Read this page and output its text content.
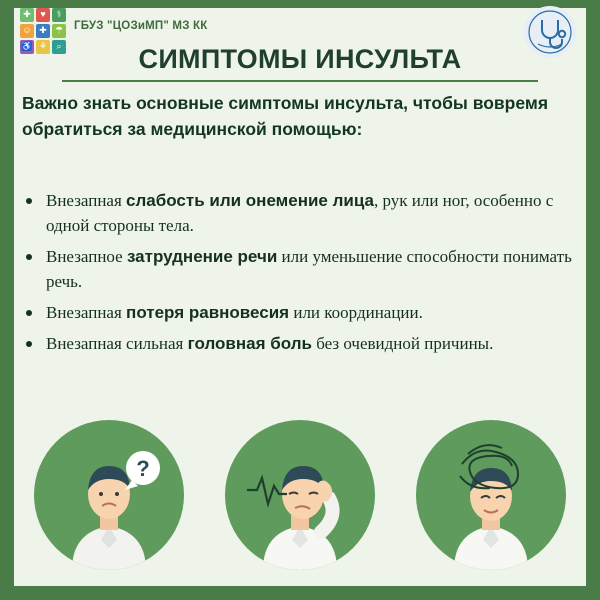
✚	♥	⚕
☺ ✚ ☂
♿ ⚘	⌕
ГБУЗ "ЦОЗиМП" МЗ КК
СИМПТОМЫ ИНСУЛЬТА
Важно знать основные симптомы инсульта, чтобы вовремя обратиться за медицинской помощью:
Внезапная слабость или онемение лица, рук или ног, особенно с одной стороны тела.
Внезапное затруднение речи или уменьшение способности понимать речь.
Внезапная потеря равновесия или координации.
Внезапная сильная головная боль без очевидной причины.
?
